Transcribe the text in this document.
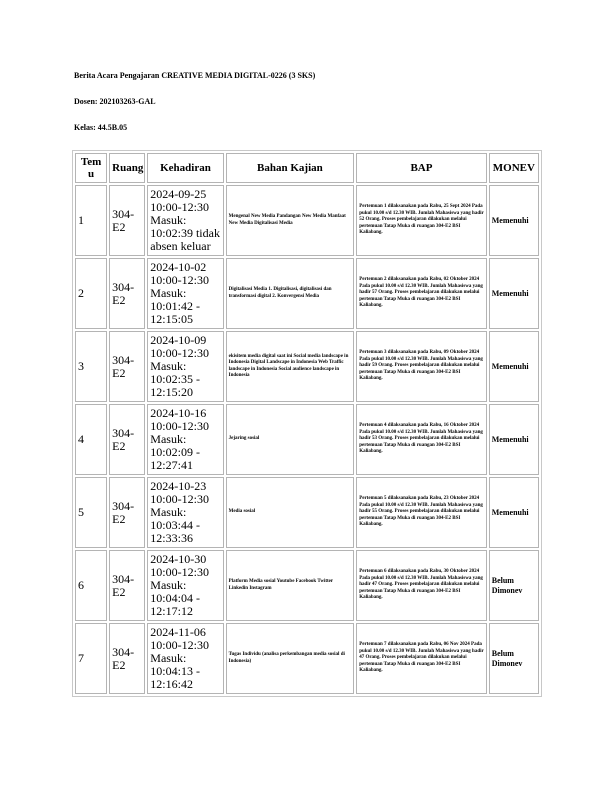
Berita Acara Pengajaran CREATIVE MEDIA DIGITAL-0226 (3 SKS)
Dosen: 202103263-GAL
Kelas: 44.5B.05
Tem u	Ruang	Kehadiran	Bahan Kajian	BAP	MONEV
1	304-E2	2024-09-25 10:00-12:30 Masuk: 10:02:39 tidak absen keluar	Mengenal New Media Pandangan New Media Manfaat New Media Digitalisasi Media	Pertemuan 1 dilaksanakan pada Rabu, 25 Sept 2024 Pada pukul 10.00 s/d 12.30 WIB. Jumlah Mahasiswa yang hadir 52 Orang. Proses pembelajaran dilakukan melalui pertemuan Tatap Muka di ruangan 304-E2 BSI Kaliabang.	Memenuhi
2	304-E2	2024-10-02 10:00-12:30 Masuk: 10:01:42 - 12:15:05	Digitalisasi Media 1. Digitalisasi, digitalisasi dan transformasi digital 2. Konvergensi Media	Pertemuan 2 dilaksanakan pada Rabu, 02 Oktober 2024 Pada pukul 10.00 s/d 12.30 WIB. Jumlah Mahasiswa yang hadir 57 Orang. Proses pembelajaran dilakukan melalui pertemuan Tatap Muka di ruangan 304-E2 BSI Kaliabang.	Memenuhi
3	304-E2	2024-10-09 10:00-12:30 Masuk: 10:02:35 - 12:15:20	ekisitem media digital saat ini Social media landscape in Indonesia Digital Landscape in Indonesia Web Traffic landscape in Indonesia Social audience landscape in Indonesia	Pertemuan 3 dilaksanakan pada Rabu, 09 Oktober 2024 Pada pukul 10.00 s/d 12.30 WIB. Jumlah Mahasiswa yang hadir 59 Orang. Proses pembelajaran dilakukan melalui pertemuan Tatap Muka di ruangan 304-E2 BSI Kaliabang.	Memenuhi
4	304-E2	2024-10-16 10:00-12:30 Masuk: 10:02:09 - 12:27:41	Jejaring sosial	Pertemuan 4 dilaksanakan pada Rabu, 16 Oktober 2024 Pada pukul 10.00 s/d 12.30 WIB. Jumlah Mahasiswa yang hadir 53 Orang. Proses pembelajaran dilakukan melalui pertemuan Tatap Muka di ruangan 304-E2 BSI Kaliabang.	Memenuhi
5	304-E2	2024-10-23 10:00-12:30 Masuk: 10:03:44 - 12:33:36	Media sosial	Pertemuan 5 dilaksanakan pada Rabu, 23 Oktober 2024 Pada pukul 10.00 s/d 12.30 WIB. Jumlah Mahasiswa yang hadir 55 Orang. Proses pembelajaran dilakukan melalui pertemuan Tatap Muka di ruangan 304-E2 BSI Kaliabang.	Memenuhi
6	304-E2	2024-10-30 10:00-12:30 Masuk: 10:04:04 - 12:17:12	Platform Media sosial Youtube Facebook Twitter Linkedin Instagram	Pertemuan 6 dilaksanakan pada Rabu, 30 Oktober 2024 Pada pukul 10.00 s/d 12.30 WIB. Jumlah Mahasiswa yang hadir 47 Orang. Proses pembelajaran dilakukan melalui pertemuan Tatap Muka di ruangan 304-E2 BSI Kaliabang.	Belum Dimonev
7	304-E2	2024-11-06 10:00-12:30 Masuk: 10:04:13 - 12:16:42	Tugas Individu (analisa perkembangan media sosial di Indonesia)	Pertemuan 7 dilaksanakan pada Rabu, 06 Nov 2024 Pada pukul 10.00 s/d 12.30 WIB. Jumlah Mahasiswa yang hadir 47 Orang. Proses pembelajaran dilakukan melalui pertemuan Tatap Muka di ruangan 304-E2 BSI Kaliabang.	Belum Dimonev
